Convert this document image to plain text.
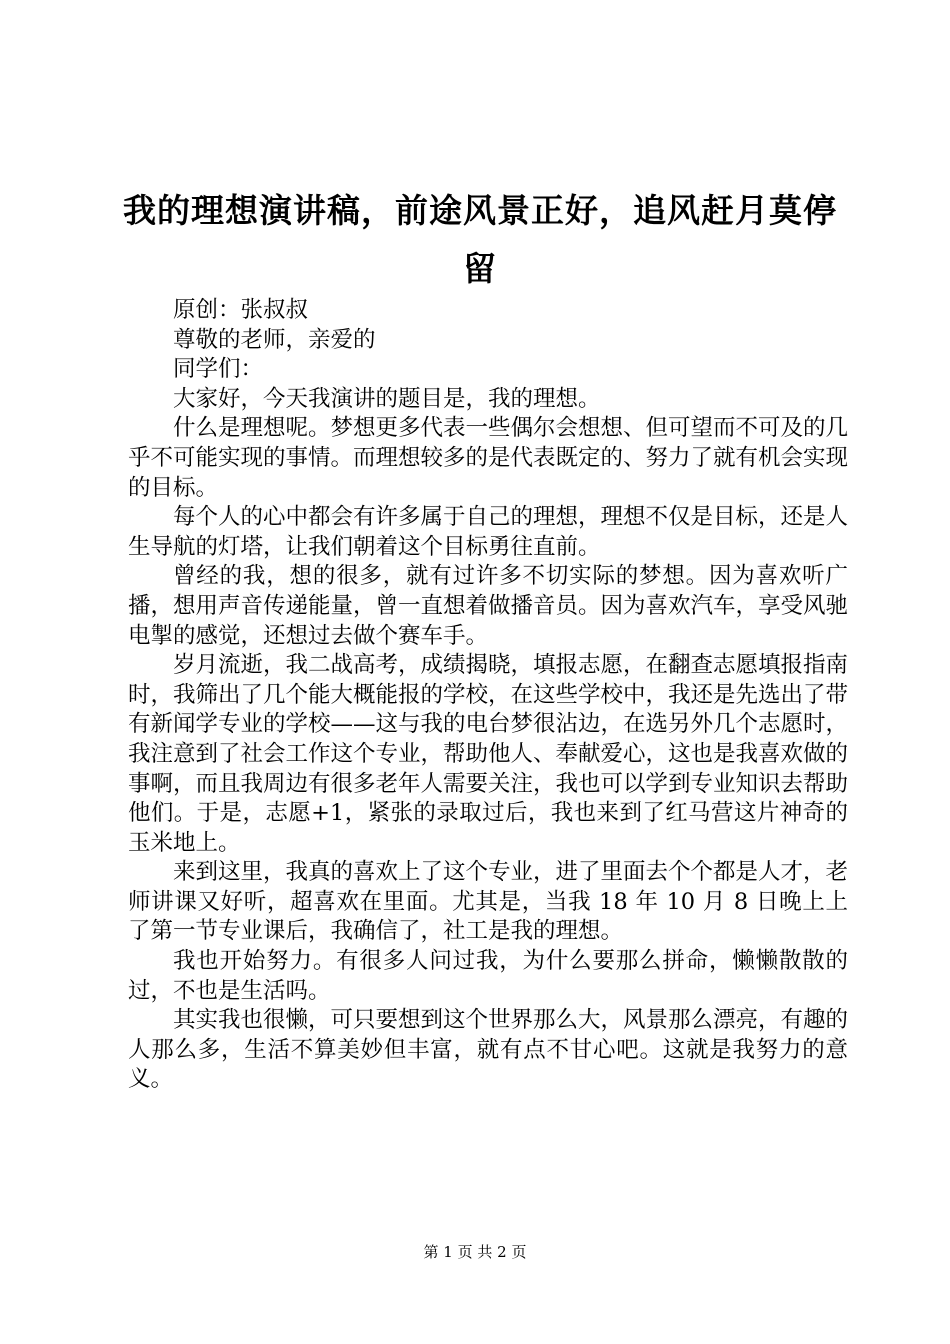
我的理想演讲稿，前途风景正好，追风赶月莫停留

原创：张叔叔

尊敬的老师，亲爱的

同学们：

大家好，今天我演讲的题目是，我的理想。

什么是理想呢。梦想更多代表一些偶尔会想想、但可望而不可及的几乎不可能实现的事情。而理想较多的是代表既定的、努力了就有机会实现的目标。

每个人的心中都会有许多属于自己的理想，理想不仅是目标，还是人生导航的灯塔，让我们朝着这个目标勇往直前。

曾经的我，想的很多，就有过许多不切实际的梦想。因为喜欢听广播，想用声音传递能量，曾一直想着做播音员。因为喜欢汽车，享受风驰电掣的感觉，还想过去做个赛车手。

岁月流逝，我二战高考，成绩揭晓，填报志愿，在翻查志愿填报指南时，我筛出了几个能大概能报的学校，在这些学校中，我还是先选出了带有新闻学专业的学校——这与我的电台梦很沾边，在选另外几个志愿时，我注意到了社会工作这个专业，帮助他人、奉献爱心，这也是我喜欢做的事啊，而且我周边有很多老年人需要关注，我也可以学到专业知识去帮助他们。于是，志愿+1，紧张的录取过后，我也来到了红马营这片神奇的玉米地上。

来到这里，我真的喜欢上了这个专业，进了里面去个个都是人才，老师讲课又好听，超喜欢在里面。尤其是，当我 18 年 10 月 8 日晚上上了第一节专业课后，我确信了，社工是我的理想。

我也开始努力。有很多人问过我，为什么要那么拼命，懒懒散散的过，不也是生活吗。

其实我也很懒，可只要想到这个世界那么大，风景那么漂亮，有趣的人那么多，生活不算美妙但丰富，就有点不甘心吧。这就是我努力的意义。

第 1 页 共 2 页
